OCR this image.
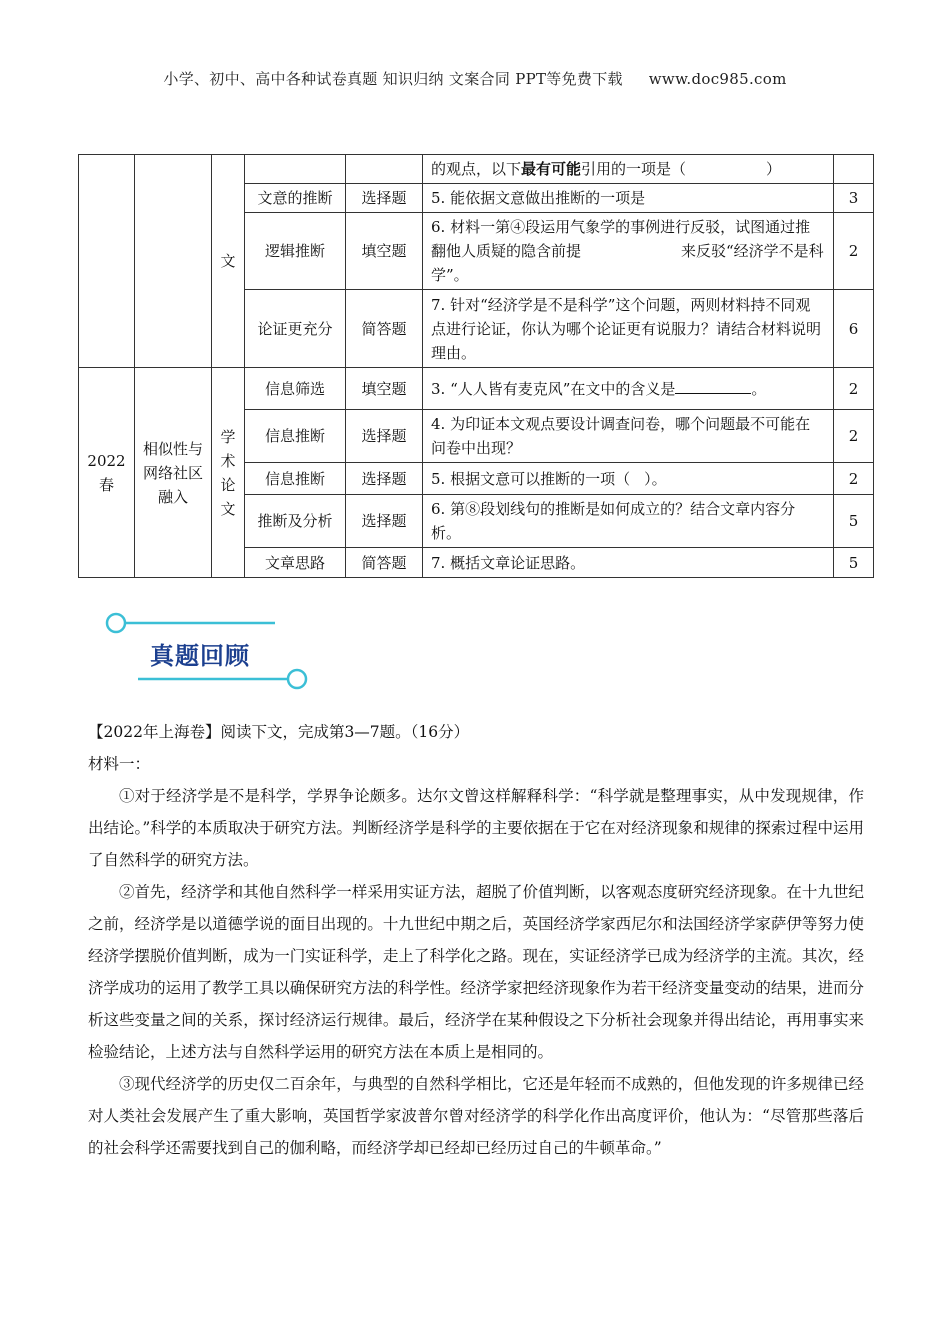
小学、初中、高中各种试卷真题 知识归纳 文案合同 PPT等免费下载 www.doc985.com
		文			的观点，以下最有可能引用的一项是（ ）	
			文意的推断	选择题	5. 能依据文意做出推断的一项是	3
			逻辑推断	填空题	6. 材料一第④段运用气象学的事例进行反驳，试图通过推翻他人质疑的隐含前提 来反驳“经济学不是科学”。	2
			论证更充分	简答题	7. 针对“经济学是不是科学”这个问题，两则材料持不同观点进行论证，你认为哪个论证更有说服力？请结合材料说明理由。	6
2022春	相似性与网络社区融入	学术论文	信息筛选	填空题	3. “人人皆有麦克风”在文中的含义是 。	2
			信息推断	选择题	4. 为印证本文观点要设计调查问卷，哪个问题最不可能在问卷中出现？	2
			信息推断	选择题	5. 根据文意可以推断的一项（ ）。	2
			推断及分析	选择题	6. 第⑧段划线句的推断是如何成立的？结合文章内容分析。	5
			文章思路	简答题	7. 概括文章论证思路。	5
真题回顾

【2022年上海卷】阅读下文，完成第3—7题。（16分）

材料一：

①对于经济学是不是科学，学界争论颇多。达尔文曾这样解释科学：“科学就是整理事实，从中发现规律，作出结论。”科学的本质取决于研究方法。判断经济学是科学的主要依据在于它在对经济现象和规律的探索过程中运用了自然科学的研究方法。

②首先，经济学和其他自然科学一样采用实证方法，超脱了价值判断，以客观态度研究经济现象。在十九世纪之前，经济学是以道德学说的面目出现的。十九世纪中期之后，英国经济学家西尼尔和法国经济学家萨伊等努力使经济学摆脱价值判断，成为一门实证科学，走上了科学化之路。现在，实证经济学已成为经济学的主流。其次，经济学成功的运用了教学工具以确保研究方法的科学性。经济学家把经济现象作为若干经济变量变动的结果，进而分析这些变量之间的关系，探讨经济运行规律。最后，经济学在某种假设之下分析社会现象并得出结论，再用事实来检验结论，上述方法与自然科学运用的研究方法在本质上是相同的。

③现代经济学的历史仅二百余年，与典型的自然科学相比，它还是年轻而不成熟的，但他发现的许多规律已经对人类社会发展产生了重大影响，英国哲学家波普尔曾对经济学的科学化作出高度评价，他认为：“尽管那些落后的社会科学还需要找到自己的伽利略，而经济学却已经却已经历过自己的牛顿革命。”
